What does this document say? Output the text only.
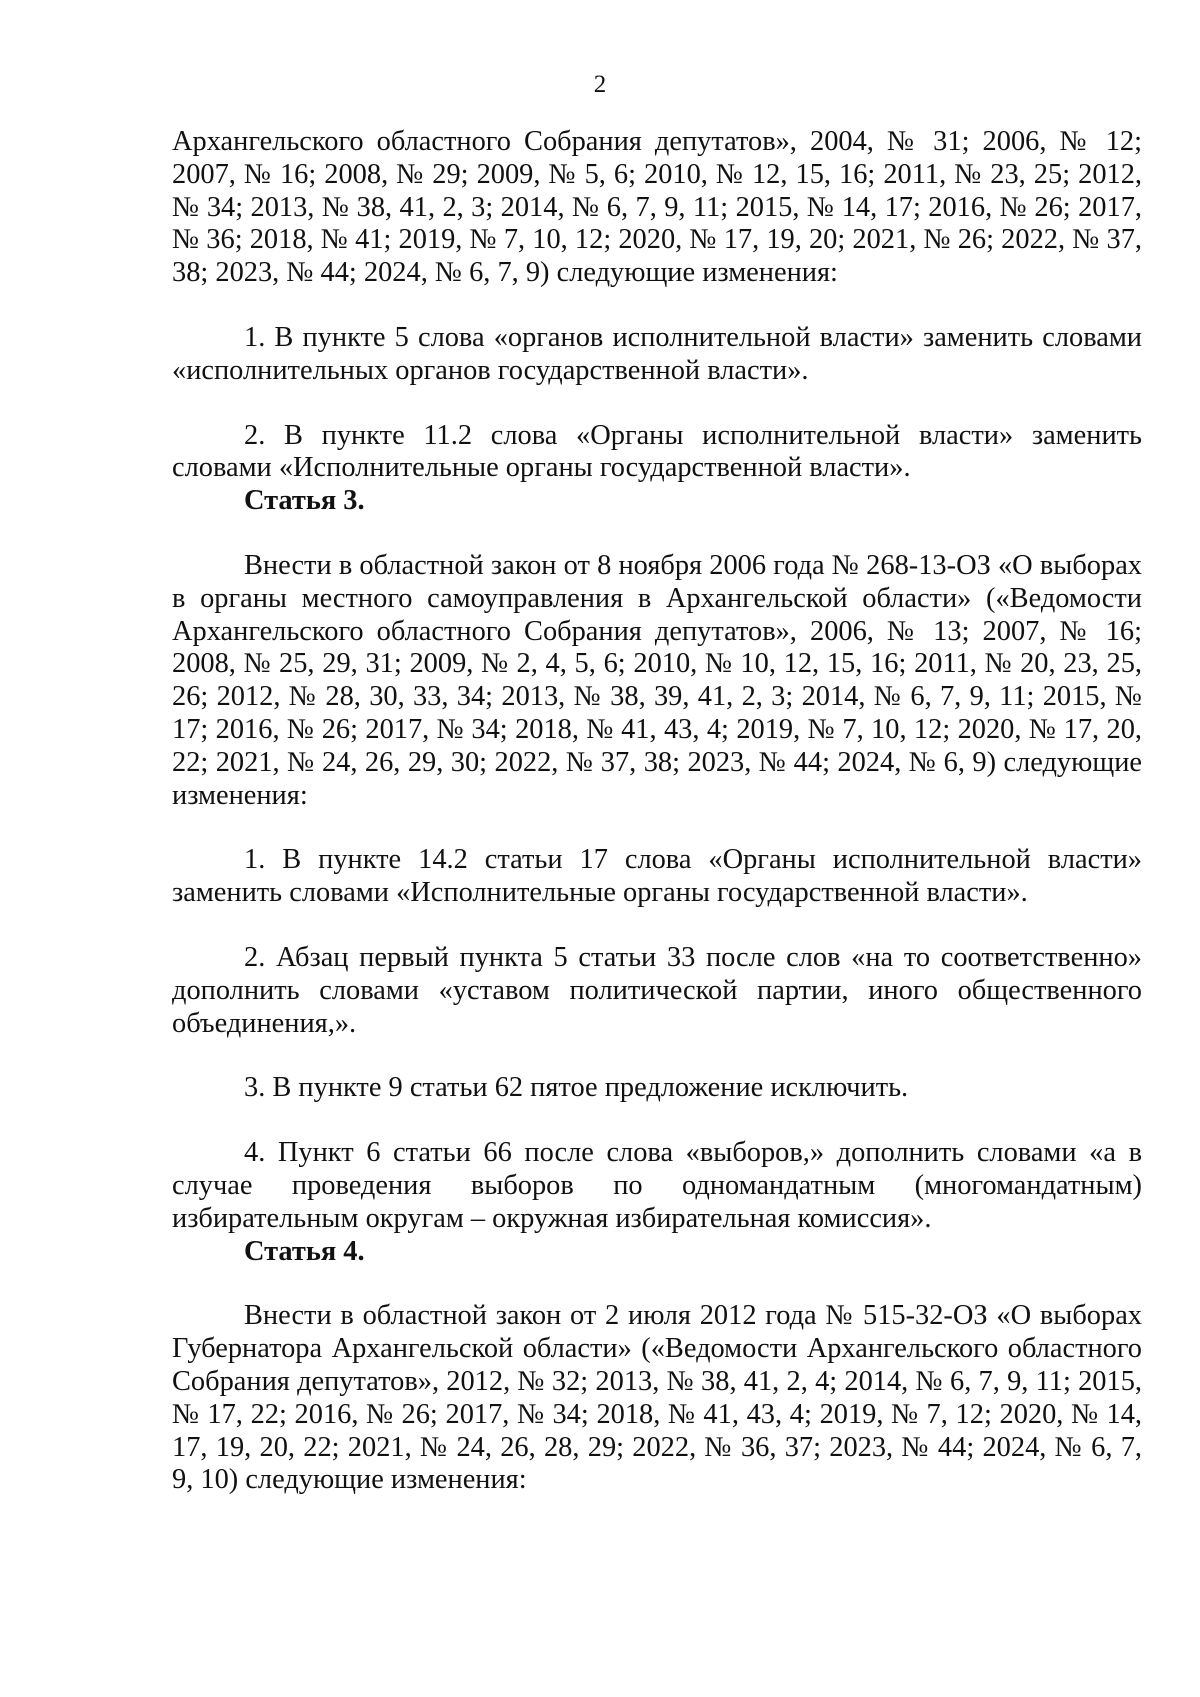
2

Архангельского областного Собрания депутатов», 2004, № 31; 2006, № 12; 2007, № 16; 2008, № 29; 2009, № 5, 6; 2010, № 12, 15, 16; 2011, № 23, 25; 2012, № 34; 2013, № 38, 41, 2, 3; 2014, № 6, 7, 9, 11; 2015, № 14, 17; 2016, № 26; 2017, № 36; 2018, № 41; 2019, № 7, 10, 12; 2020, № 17, 19, 20; 2021, № 26; 2022, № 37, 38; 2023, № 44; 2024, № 6, 7, 9) следующие изменения:

1. В пункте 5 слова «органов исполнительной власти» заменить словами «исполнительных органов государственной власти».

2. В пункте 11.2 слова «Органы исполнительной власти» заменить словами «Исполнительные органы государственной власти».

Статья 3.

Внести в областной закон от 8 ноября 2006 года № 268-13-ОЗ «О выборах в органы местного самоуправления в Архангельской области» («Ведомости Архангельского областного Собрания депутатов», 2006, № 13; 2007, № 16; 2008, № 25, 29, 31; 2009, № 2, 4, 5, 6; 2010, № 10, 12, 15, 16; 2011, № 20, 23, 25, 26; 2012, № 28, 30, 33, 34; 2013, № 38, 39, 41, 2, 3; 2014, № 6, 7, 9, 11; 2015, № 17; 2016, № 26; 2017, № 34; 2018, № 41, 43, 4; 2019, № 7, 10, 12; 2020, № 17, 20, 22; 2021, № 24, 26, 29, 30; 2022, № 37, 38; 2023, № 44; 2024, № 6, 9) следующие изменения:

1. В пункте 14.2 статьи 17 слова «Органы исполнительной власти» заменить словами «Исполнительные органы государственной власти».

2. Абзац первый пункта 5 статьи 33 после слов «на то соответственно» дополнить словами «уставом политической партии, иного общественного объединения,».

3. В пункте 9 статьи 62 пятое предложение исключить.

4. Пункт 6 статьи 66 после слова «выборов,» дополнить словами «а в случае проведения выборов по одномандатным (многомандатным) избирательным округам – окружная избирательная комиссия».

Статья 4.

Внести в областной закон от 2 июля 2012 года № 515-32-ОЗ «О выборах Губернатора Архангельской области» («Ведомости Архангельского областного Собрания депутатов», 2012, № 32; 2013, № 38, 41, 2, 4; 2014, № 6, 7, 9, 11; 2015, № 17, 22; 2016, № 26; 2017, № 34; 2018, № 41, 43, 4; 2019, № 7, 12; 2020, № 14, 17, 19, 20, 22; 2021, № 24, 26, 28, 29; 2022, № 36, 37; 2023, № 44; 2024, № 6, 7, 9, 10) следующие изменения:
